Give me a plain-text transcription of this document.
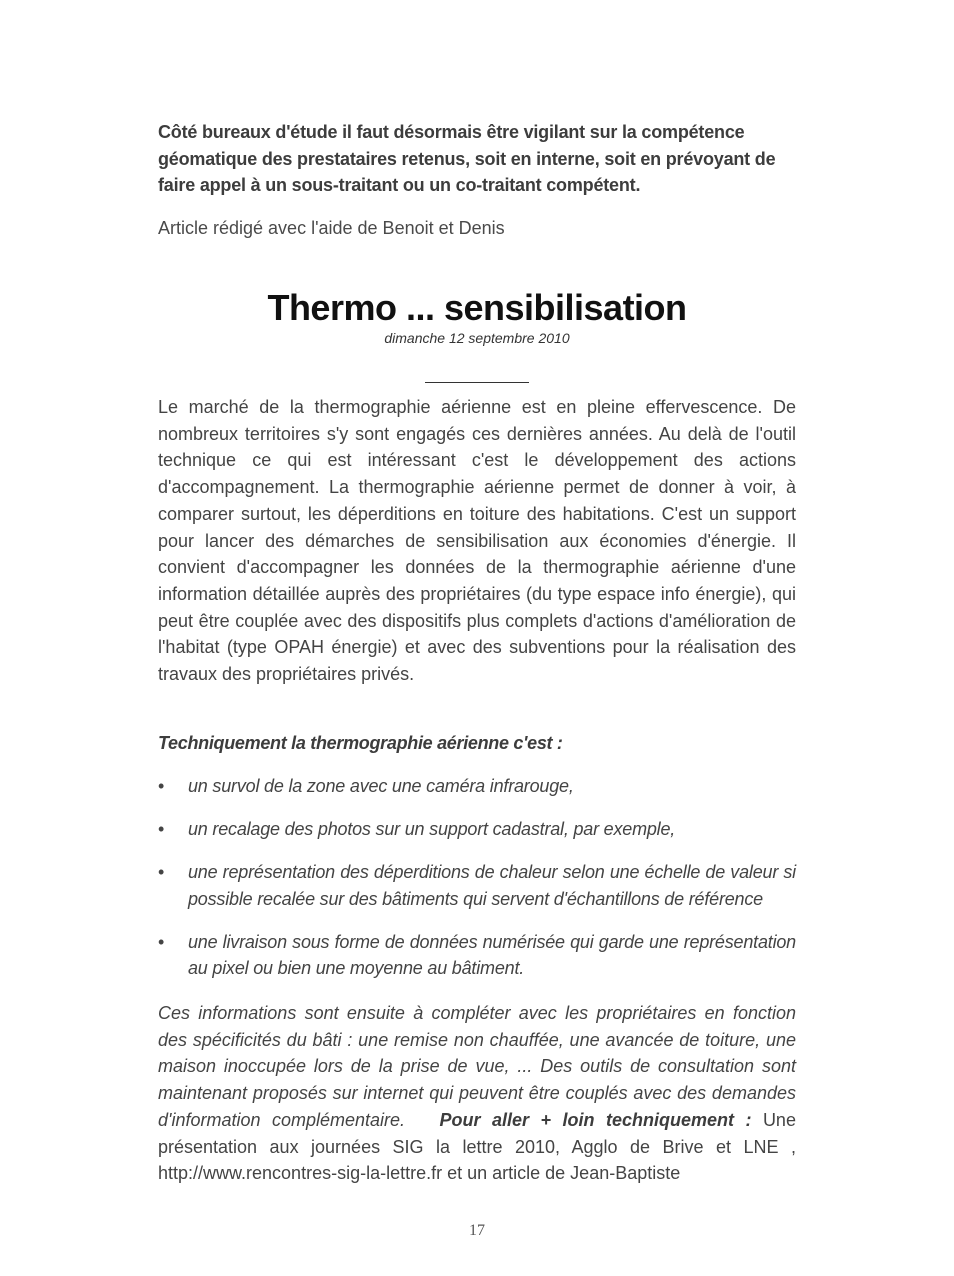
Côté bureaux d'étude il faut désormais être vigilant sur la compétence géomatique des prestataires retenus, soit en interne, soit en prévoyant de faire appel à un sous-traitant ou un co-traitant compétent.

Article rédigé avec l'aide de Benoit et Denis

Thermo ... sensibilisation
dimanche 12 septembre 2010

Le marché de la thermographie aérienne est en pleine effervescence. De nombreux territoires s'y sont engagés ces dernières années. Au delà de l'outil technique ce qui est intéressant c'est le développement des actions d'accompagnement. La thermographie aérienne permet de donner à voir, à comparer surtout, les déperditions en toiture des habitations. C'est un support pour lancer des démarches de sensibilisation aux économies d'énergie. Il convient d'accompagner les données de la thermographie aérienne d'une information détaillée auprès des propriétaires (du type espace info énergie), qui peut être couplée avec des dispositifs plus complets d'actions d'amélioration de l'habitat (type OPAH énergie) et avec des subventions pour la réalisation des travaux des propriétaires privés.

Techniquement la thermographie aérienne c'est :

• un survol de la zone avec une caméra infrarouge,
• un recalage des photos sur un support cadastral, par exemple,
• une représentation des déperditions de chaleur selon une échelle de valeur si possible recalée sur des bâtiments qui servent d'échantillons de référence
• une livraison sous forme de données numérisée qui garde une représentation au pixel ou bien une moyenne au bâtiment.

Ces informations sont ensuite à compléter avec les propriétaires en fonction des spécificités du bâti : une remise non chauffée, une avancée de toiture, une maison inoccupée lors de la prise de vue, ... Des outils de consultation sont maintenant proposés sur internet qui peuvent être couplés avec des demandes d'information complémentaire. Pour aller + loin techniquement : Une présentation aux journées SIG la lettre 2010, Agglo de Brive et LNE , http://www.rencontres-sig-la-lettre.fr et un article de Jean-Baptiste

17
